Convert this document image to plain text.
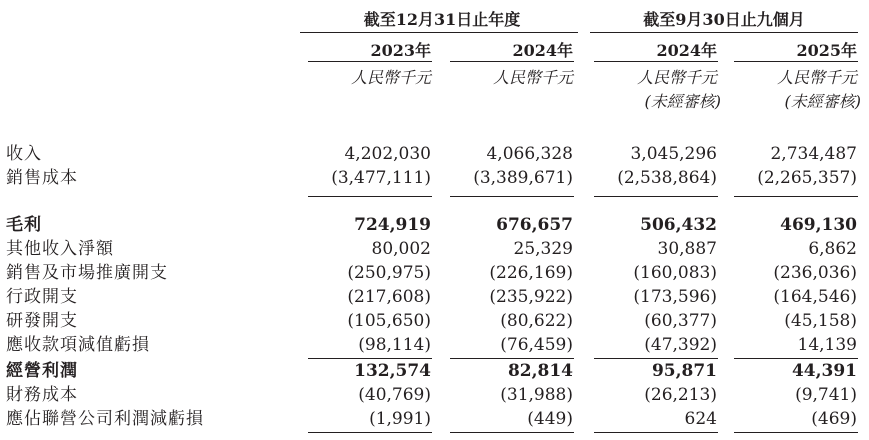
截至12月31日止年度	截至9月30日止九個月
2023年	2024年	2024年	2025年
人民幣千元	人民幣千元	人民幣千元	人民幣千元
(未經審核)	(未經審核)
收入	4,202,030	4,066,328	3,045,296	2,734,487
銷售成本	(3,477,111) (3,389,671)	(2,538,864) (2,265,357)
毛利	724,919	676,657	506,432	469,130
其他收入淨額	80,002	25,329	30,887	6,862
銷售及市場推廣開支	(250,975)	(226,169)	(160,083)	(236,036)
行政開支	(217,608)	(235,922)	(173,596)	(164,546)
研發開支	(105,650)	(80,622)	(60,377)	(45,158)
應收款項減值虧損	(98,114)	(76,459)	(47,392)	14,139
經營利潤	132,574	82,814	95,871	44,391
財務成本	(40,769)	(31,988)	(26,213)	(9,741)
應佔聯營公司利潤減虧損	(1,991)	(449)	624	(469)
